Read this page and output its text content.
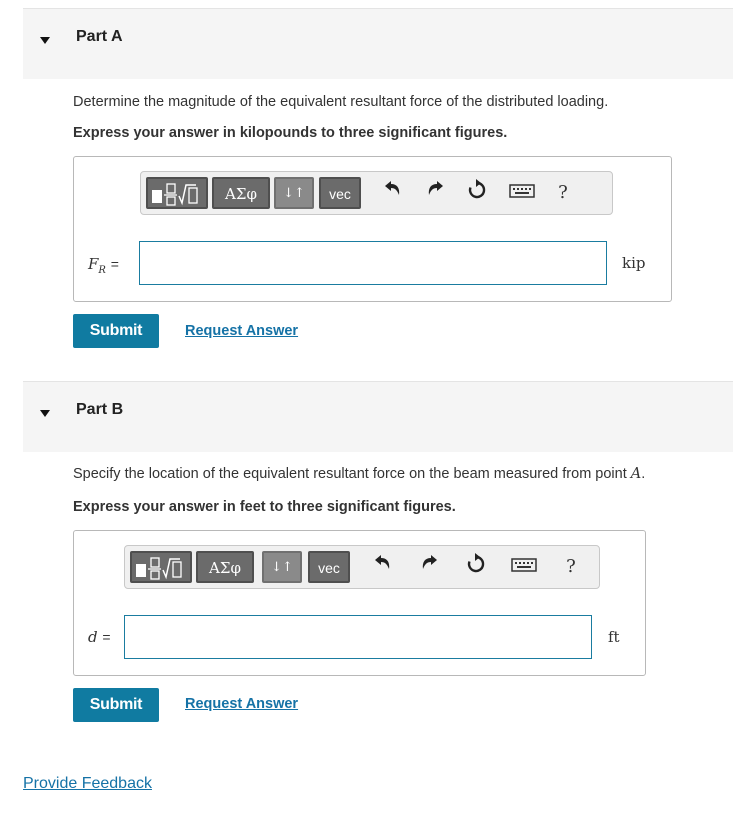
Part A
Determine the magnitude of the equivalent resultant force of the distributed loading.
Express your answer in kilopounds to three significant figures.
ΑΣφ	↓↑	vec	?
$F_R$ =	kip
Submit	Request Answer
Part B
Specify the location of the equivalent resultant force on the beam measured from point A.
Express your answer in feet to three significant figures.
ΑΣφ	↓↑	vec	?
d =	ft
Submit	Request Answer
Provide Feedback
